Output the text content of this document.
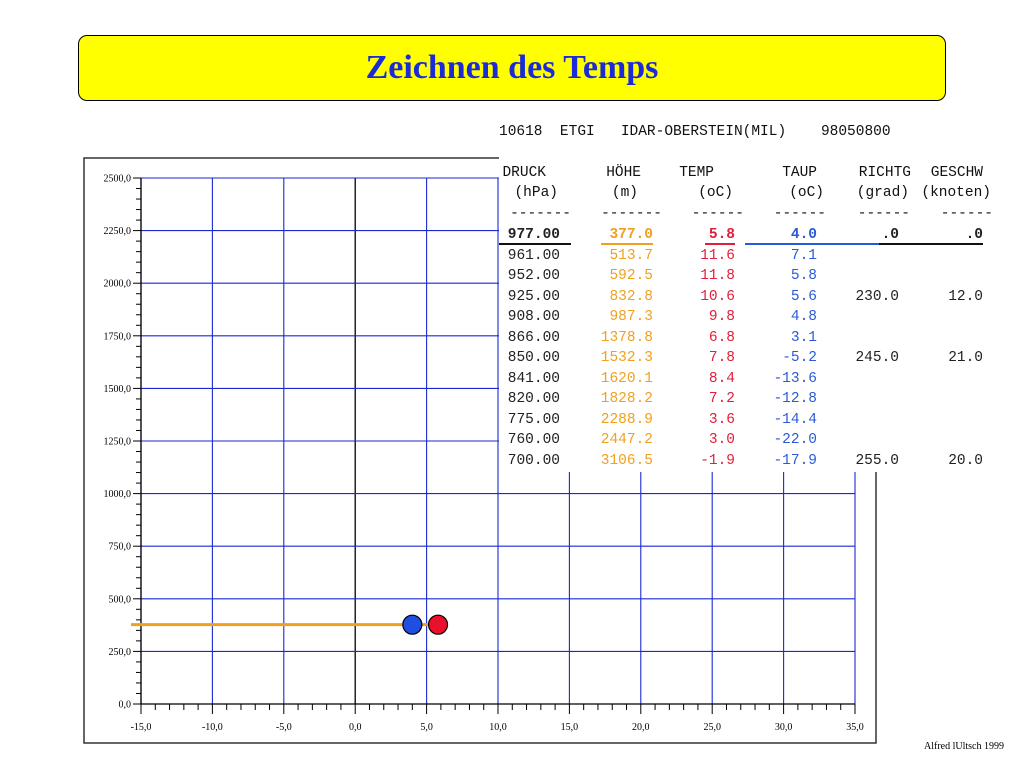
Zeichnen des Temps
-15,0	-10,0	-5,0	0,0	5,0	10,0	15,0	20,0	25,0	30,0	35,0
0,0
250,0
500,0
750,0
1000,0
1250,0
1500,0
1750,0
2000,0
2250,0
2500,0
10618  ETGI   IDAR-OBERSTEIN(MIL)    98050800
DRUCK	HÖHE	TEMP	TAUP	RICHTG GESCHW
(hPa)	(m)	(oC)	(oC) (grad) (knoten)
------- ------- ------ ------ ------ ------
977.00	377.0	5.8	4.0	.0	.0
961.00	513.7	11.6	7.1
952.00	592.5	11.8	5.8
925.00	832.8	10.6	5.6	230.0	12.0
908.00	987.3	9.8	4.8
866.00	1378.8	6.8	3.1
850.00	1532.3	7.8	-5.2	245.0	21.0
841.00	1620.1	8.4	-13.6
820.00	1828.2	7.2	-12.8
775.00	2288.9	3.6	-14.4
760.00	2447.2	3.0	-22.0
700.00	3106.5	-1.9	-17.9	255.0	20.0
Alfred lUltsch 1999
